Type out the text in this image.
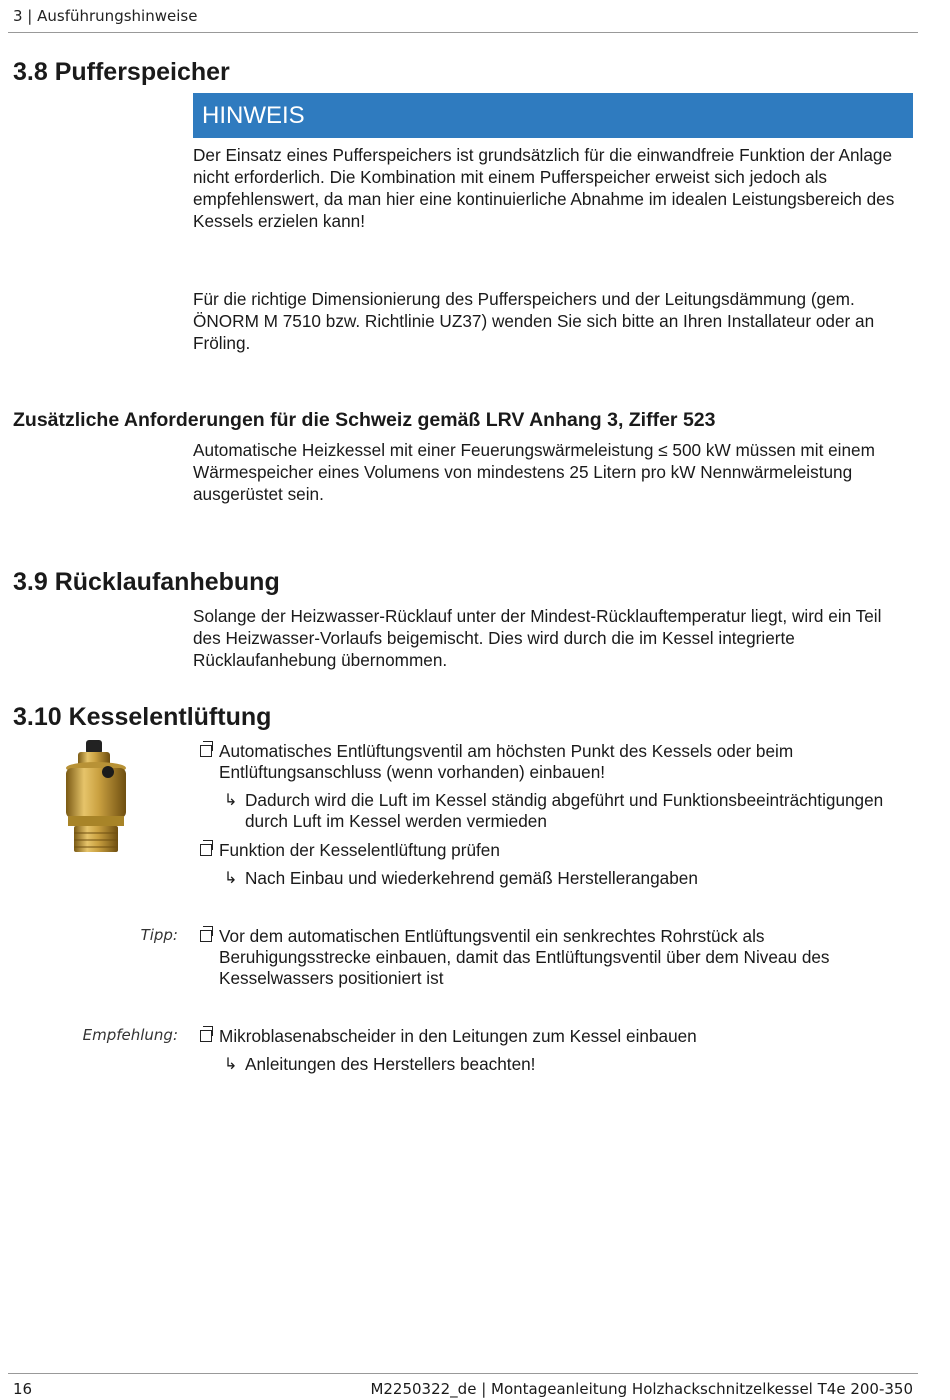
3 | Ausführungshinweise
3.8 Pufferspeicher
HINWEIS

Der Einsatz eines Pufferspeichers ist grundsätzlich für die einwandfreie Funktion der Anlage nicht erforderlich. Die Kombination mit einem Pufferspeicher erweist sich jedoch als empfehlenswert, da man hier eine kontinuierliche Abnahme im idealen Leistungsbereich des Kessels erzielen kann!

Für die richtige Dimensionierung des Pufferspeichers und der Leitungsdämmung (gem. ÖNORM M 7510 bzw. Richtlinie UZ37) wenden Sie sich bitte an Ihren Installateur oder an Fröling.

Zusätzliche Anforderungen für die Schweiz gemäß LRV Anhang 3, Ziffer 523

Automatische Heizkessel mit einer Feuerungswärmeleistung ≤ 500 kW müssen mit einem Wärmespeicher eines Volumens von mindestens 25 Litern pro kW Nennwärmeleistung ausgerüstet sein.

3.9 Rücklaufanhebung

Solange der Heizwasser-Rücklauf unter der Mindest-Rücklauftemperatur liegt, wird ein Teil des Heizwasser-Vorlaufs beigemischt. Dies wird durch die im Kessel integrierte Rücklaufanhebung übernommen.

3.10 Kesselentlüftung
Automatisches Entlüftungsventil am höchsten Punkt des Kessels oder beim Entlüftungsanschluss (wenn vorhanden) einbauen!
↳ Dadurch wird die Luft im Kessel ständig abgeführt und Funktionsbeeinträchtigungen durch Luft im Kessel werden vermieden
Funktion der Kesselentlüftung prüfen
↳ Nach Einbau und wiederkehrend gemäß Herstellerangaben
Tipp:	Vor dem automatischen Entlüftungsventil ein senkrechtes Rohrstück als Beruhigungsstrecke einbauen, damit das Entlüftungsventil über dem Niveau des Kesselwassers positioniert ist
Empfehlung:	Mikroblasenabscheider in den Leitungen zum Kessel einbauen
↳ Anleitungen des Herstellers beachten!
16	M2250322_de | Montageanleitung Holzhackschnitzelkessel T4e 200-350
